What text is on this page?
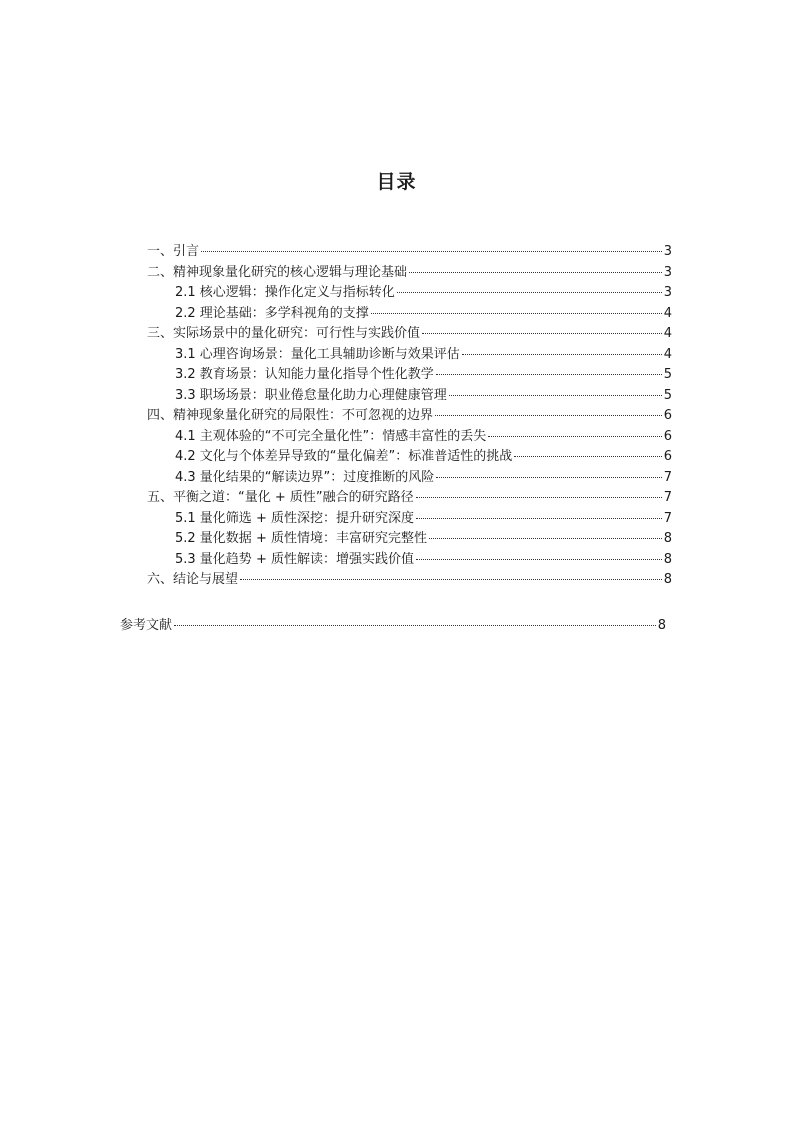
目录
一、引言	3
二、精神现象量化研究的核心逻辑与理论基础	3
2.1 核心逻辑：操作化定义与指标转化	3
2.2 理论基础：多学科视角的支撑	4
三、实际场景中的量化研究：可行性与实践价值	4
3.1 心理咨询场景：量化工具辅助诊断与效果评估	4
3.2 教育场景：认知能力量化指导个性化教学	5
3.3 职场场景：职业倦怠量化助力心理健康管理	5
四、精神现象量化研究的局限性：不可忽视的边界	6
4.1 主观体验的“不可完全量化性”：情感丰富性的丢失	6
4.2 文化与个体差异导致的“量化偏差”：标准普适性的挑战	6
4.3 量化结果的“解读边界”：过度推断的风险	7
五、平衡之道：“量化 + 质性”融合的研究路径	7
5.1 量化筛选 + 质性深挖：提升研究深度	7
5.2 量化数据 + 质性情境：丰富研究完整性	8
5.3 量化趋势 + 质性解读：增强实践价值	8
六、结论与展望	8
参考文献	8
